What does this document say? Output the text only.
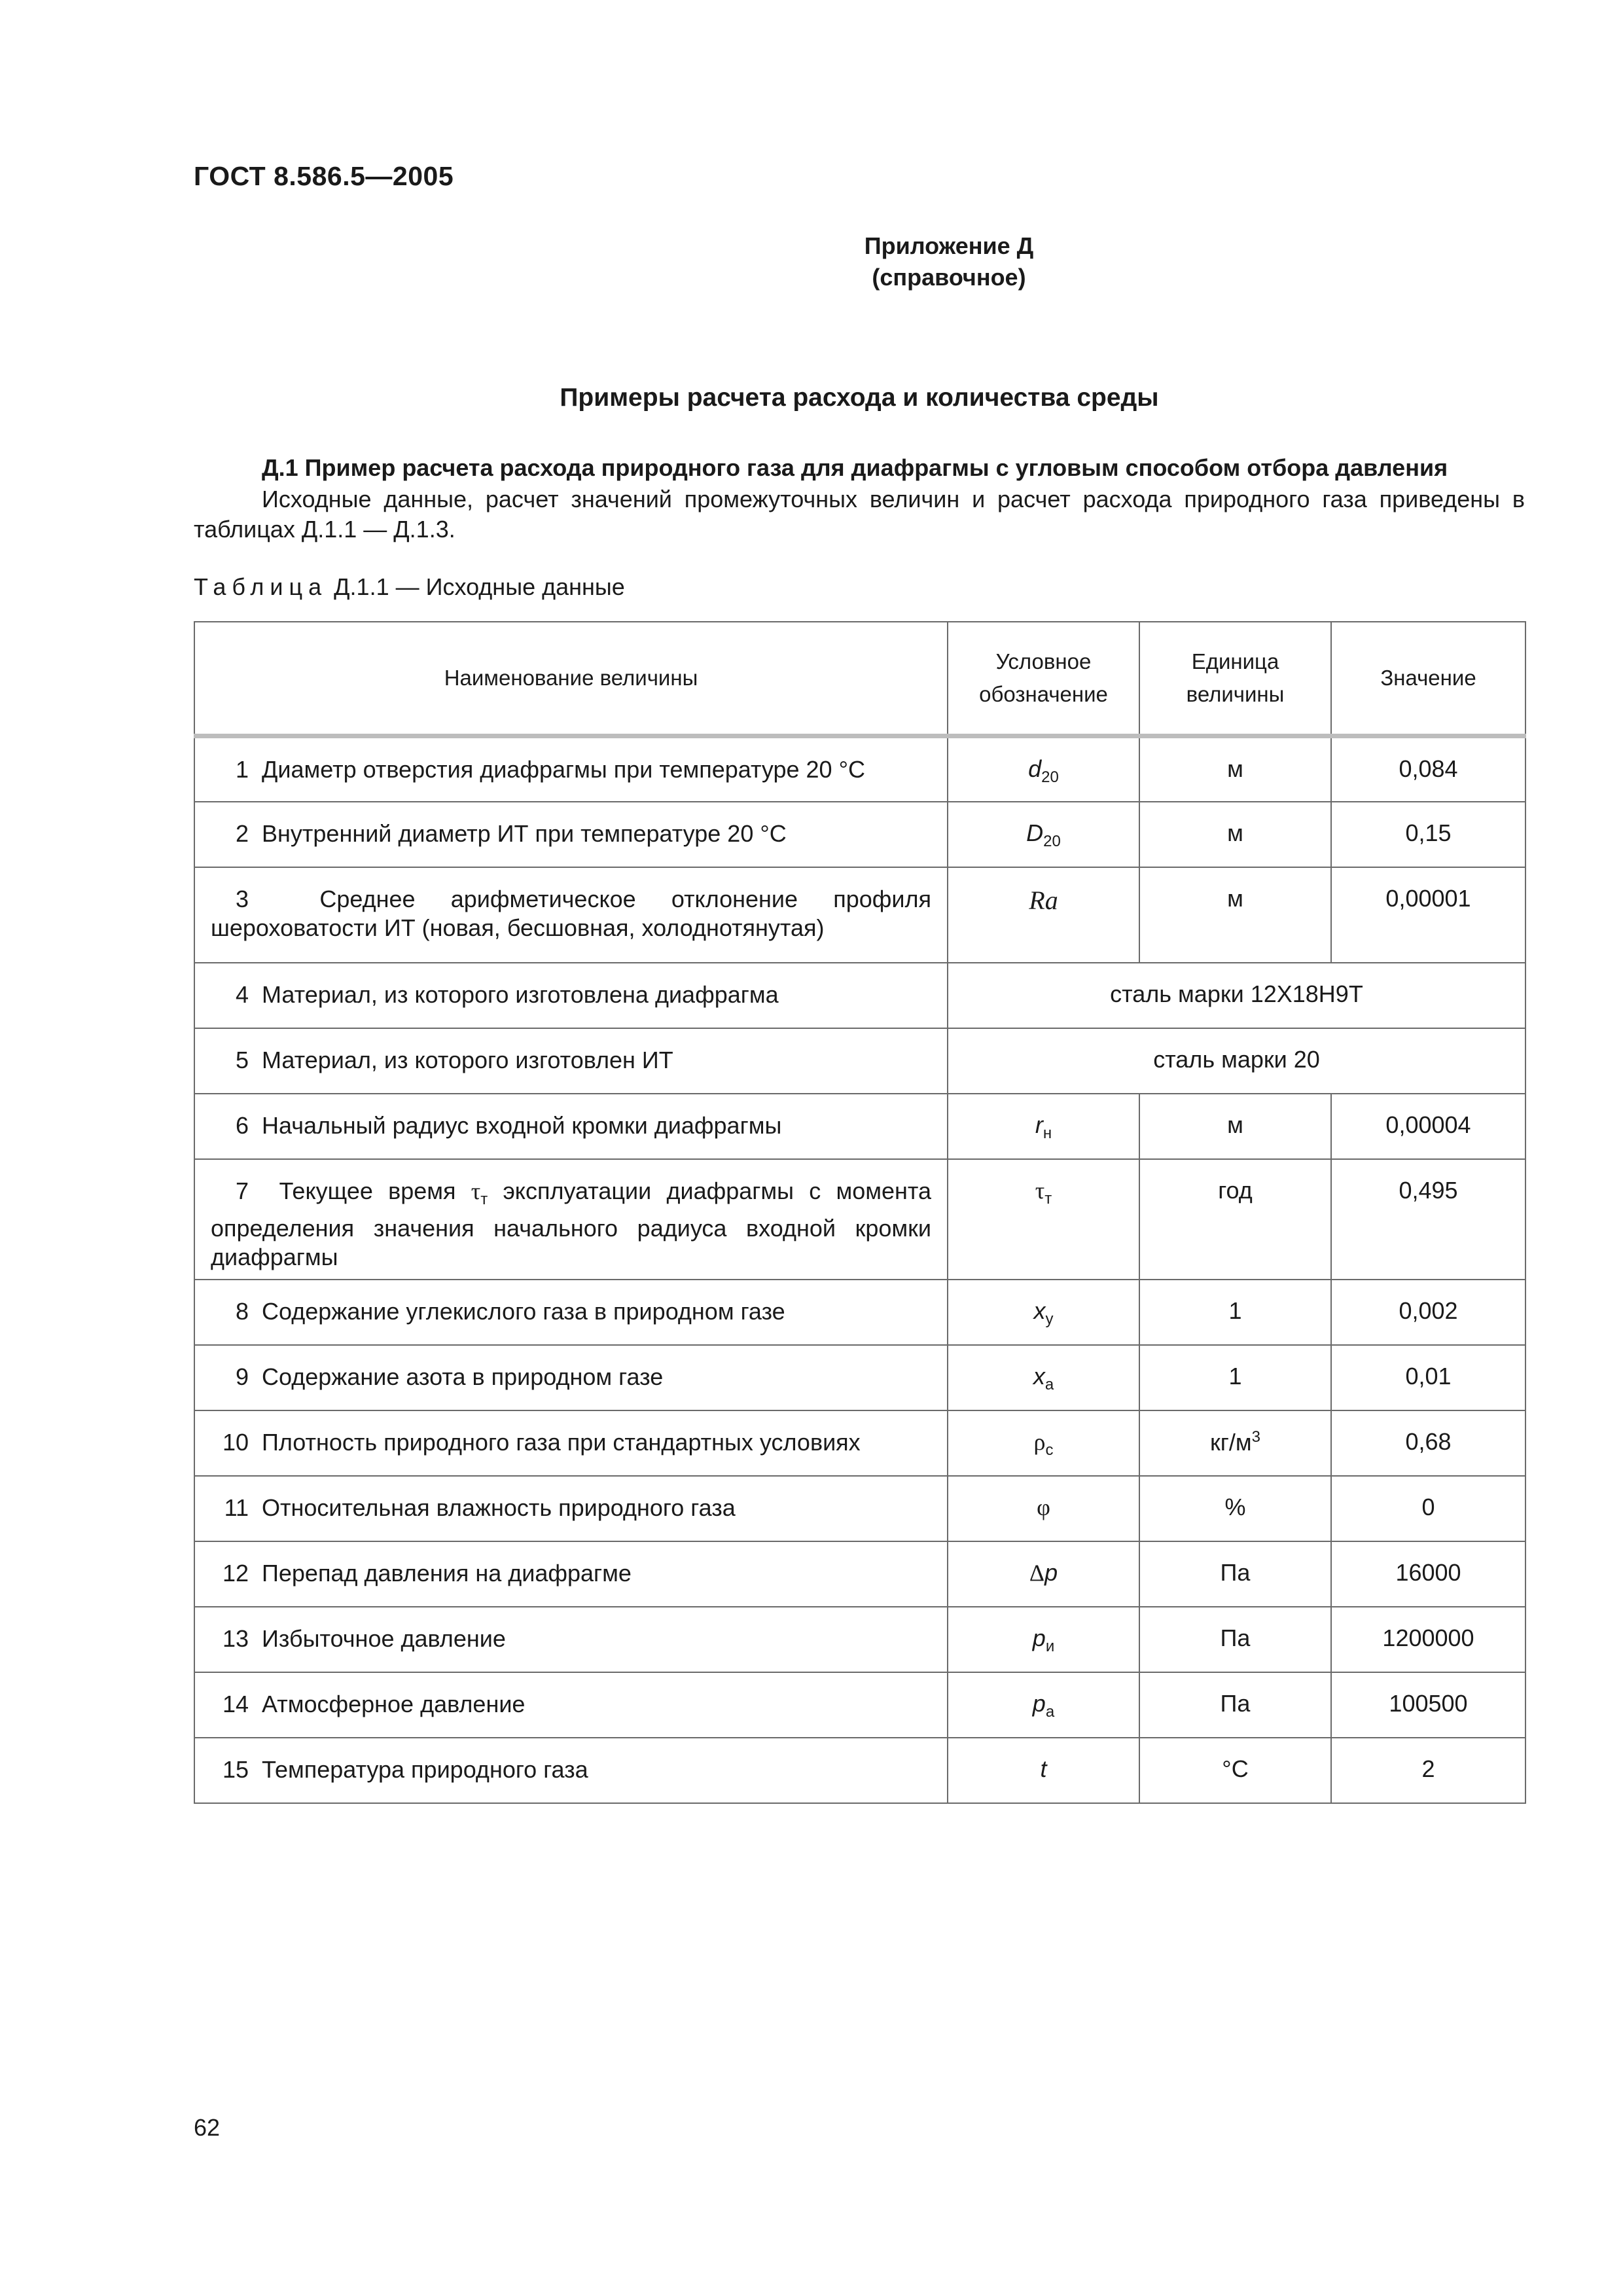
ГОСТ 8.586.5—2005
Приложение Д
(справочное)
Примеры расчета расхода и количества среды
Д.1 Пример расчета расхода природного газа для диафрагмы с угловым способом отбора давления
Исходные данные, расчет значений промежуточных величин и расчет расхода природного газа приведены в таблицах Д.1.1 — Д.1.3.
Таблица Д.1.1 — Исходные данные
Наименование величины	Условное обозначение	Единица величины	Значение
1 Диаметр отверстия диафрагмы при температуре 20 °С	$d_{20}$	м	0,084
2 Внутренний диаметр ИТ при температуре 20 °С	$D_{20}$	м	0,15
3 Среднее арифметическое отклонение профиля шероховатости ИТ (новая, бесшовная, холоднотянутая)	Ra	м	0,00001
4 Материал, из которого изготовлена диафрагма	сталь марки 12Х18Н9Т		
5 Материал, из которого изготовлен ИТ	сталь марки 20		
6 Начальный радиус входной кромки диафрагмы	$r_н$	м	0,00004
7 Текущее время $\tau_т$ эксплуатации диафрагмы с момента определения значения начального радиуса входной кромки диафрагмы	$\tau_т$	год	0,495
8 Содержание углекислого газа в природном газе	$x_у$	1	0,002
9 Содержание азота в природном газе	$x_а$	1	0,01
10 Плотность природного газа при стандартных условиях	$\rho_с$	$кг/м^3$	0,68
11 Относительная влажность природного газа	φ	%	0
12 Перепад давления на диафрагме	Δp	Па	16000
13 Избыточное давление	$p_и$	Па	1200000
14 Атмосферное давление	$p_а$	Па	100500
15 Температура природного газа	t	°С	2
62
